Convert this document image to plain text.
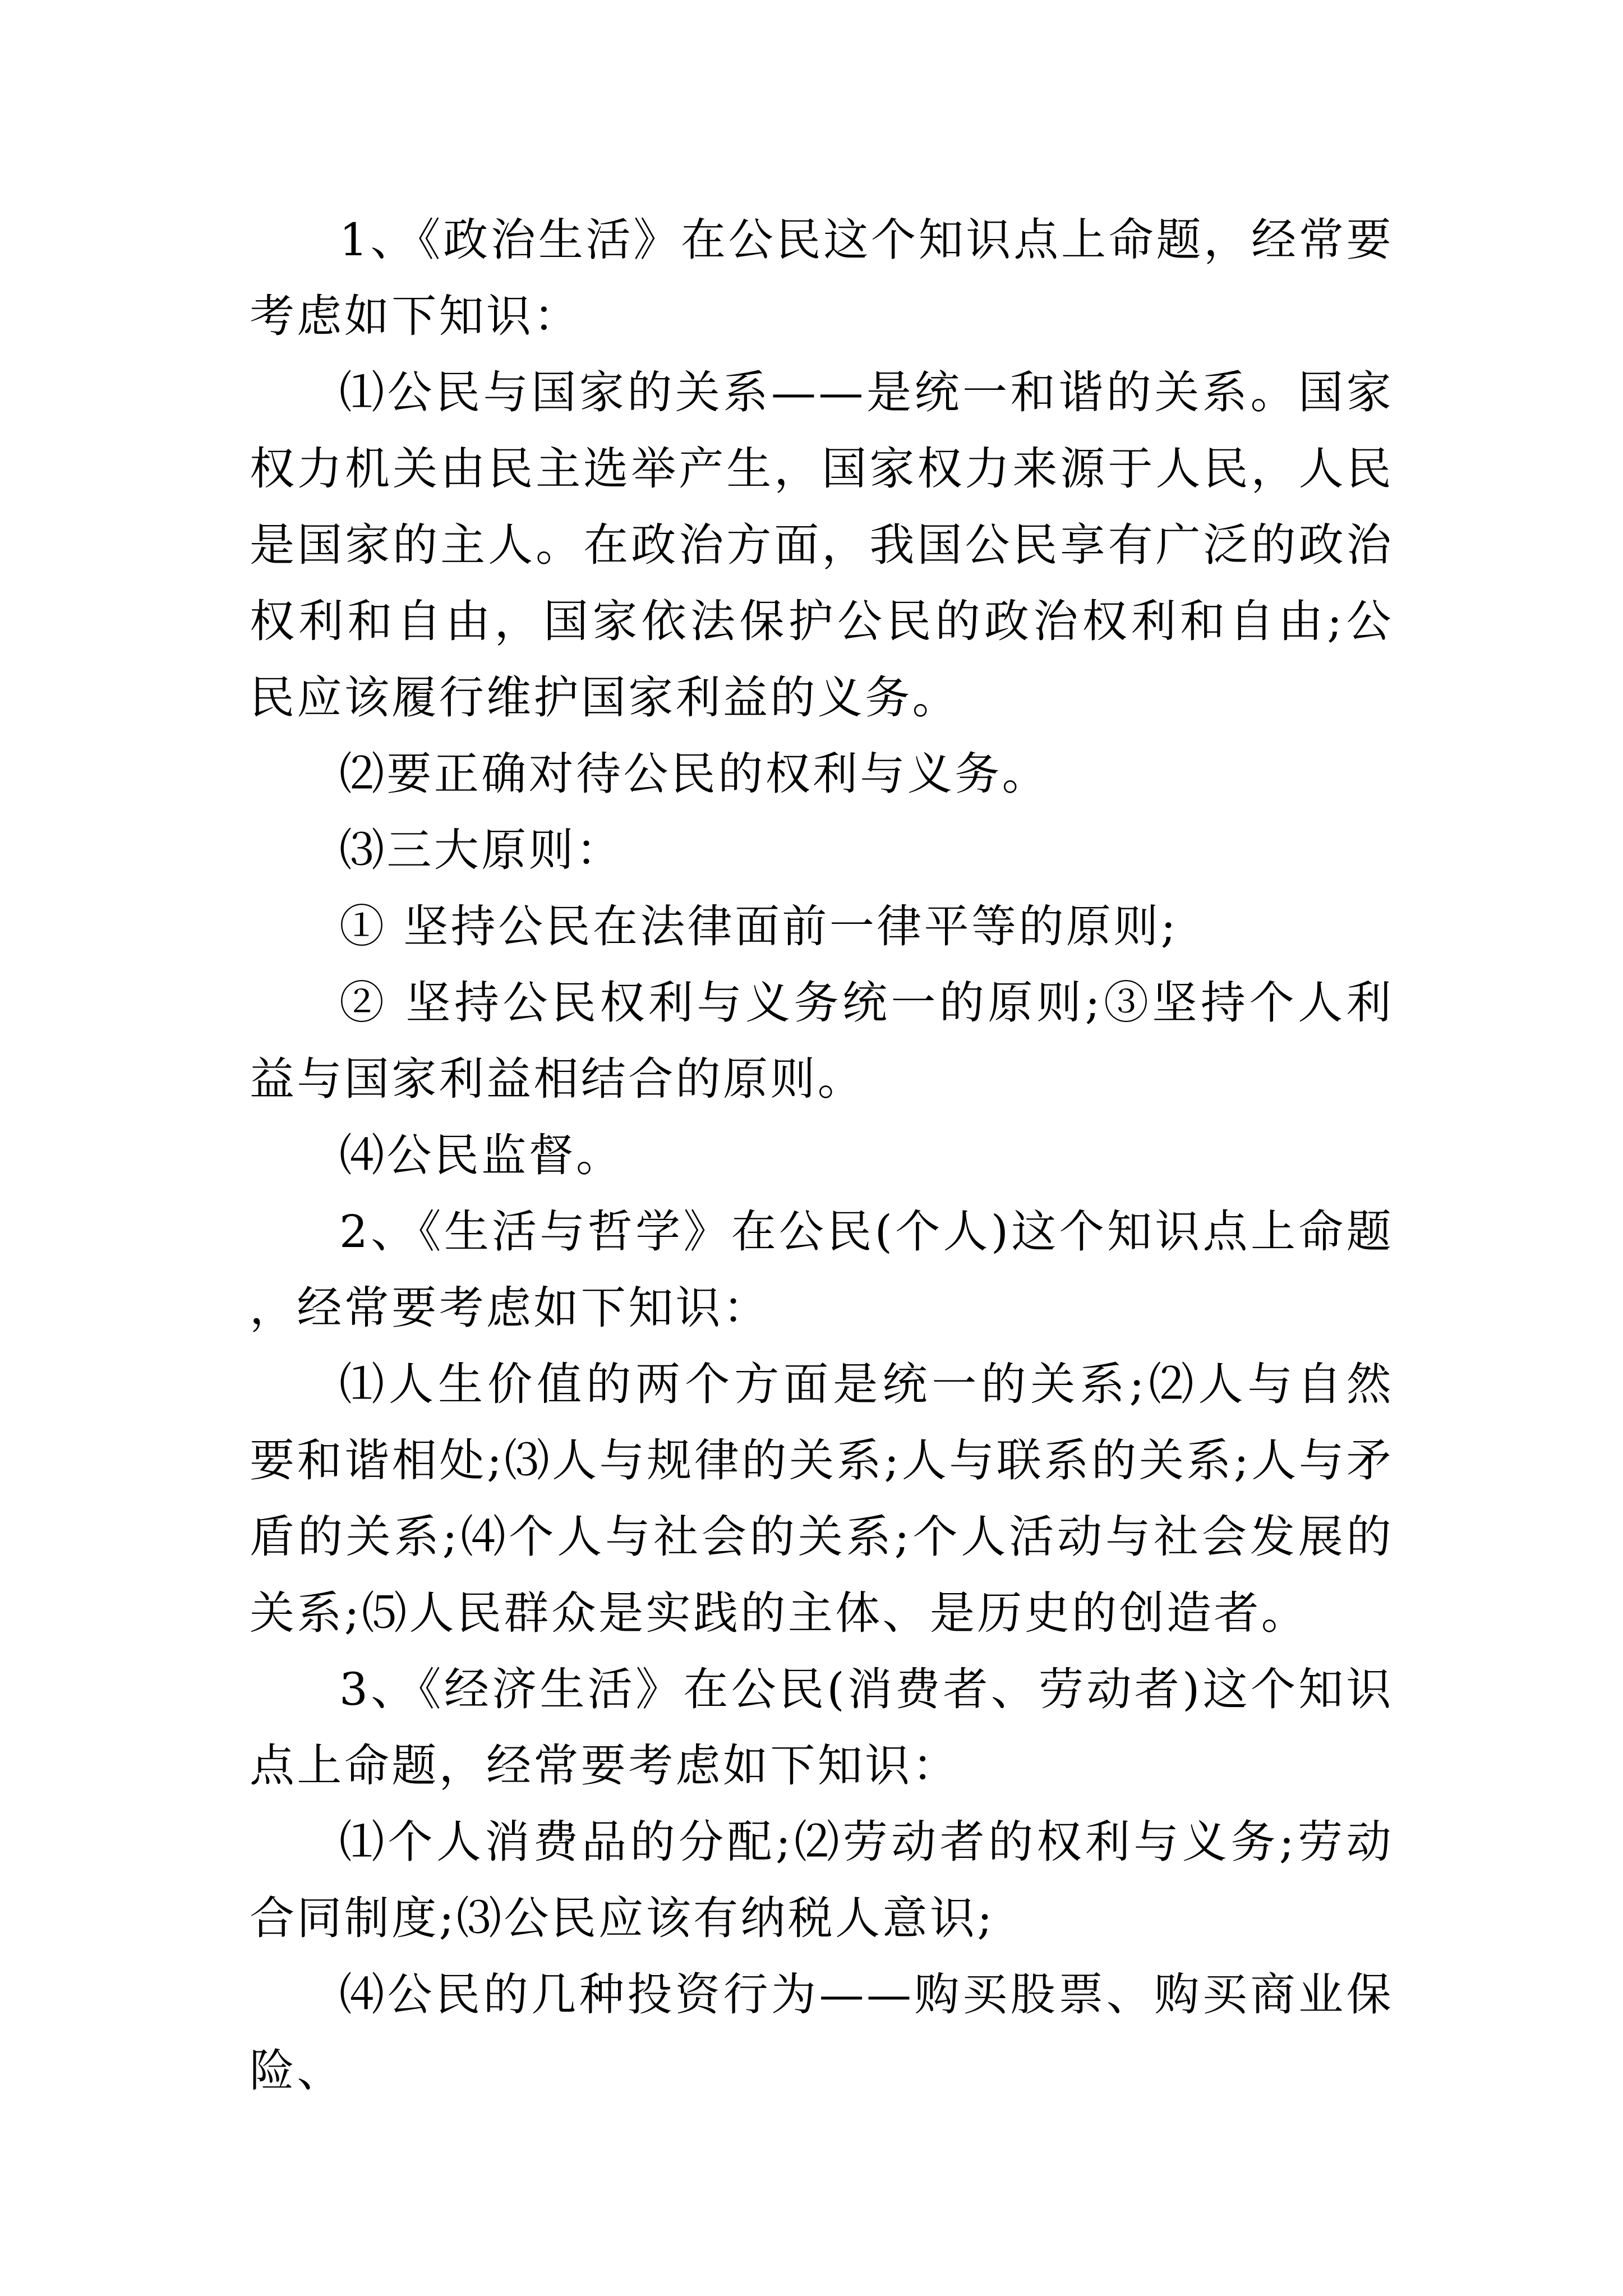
1、《政治生活》在公民这个知识点上命题，经常要考虑如下知识：

⑴公民与国家的关系——是统一和谐的关系。国家权力机关由民主选举产生，国家权力来源于人民，人民是国家的主人。在政治方面，我国公民享有广泛的政治权利和自由，国家依法保护公民的政治权利和自由;公民应该履行维护国家利益的义务。

⑵要正确对待公民的权利与义务。

⑶三大原则：

① 坚持公民在法律面前一律平等的原则;

② 坚持公民权利与义务统一的原则;③坚持个人利益与国家利益相结合的原则。

⑷公民监督。

2、《生活与哲学》在公民(个人)这个知识点上命题，经常要考虑如下知识：

⑴人生价值的两个方面是统一的关系;⑵人与自然要和谐相处;⑶人与规律的关系;人与联系的关系;人与矛盾的关系;⑷个人与社会的关系;个人活动与社会发展的关系;⑸人民群众是实践的主体、是历史的创造者。

3、《经济生活》在公民(消费者、劳动者)这个知识点上命题，经常要考虑如下知识：

⑴个人消费品的分配;⑵劳动者的权利与义务;劳动合同制度;⑶公民应该有纳税人意识;

⑷公民的几种投资行为——购买股票、购买商业保险、
